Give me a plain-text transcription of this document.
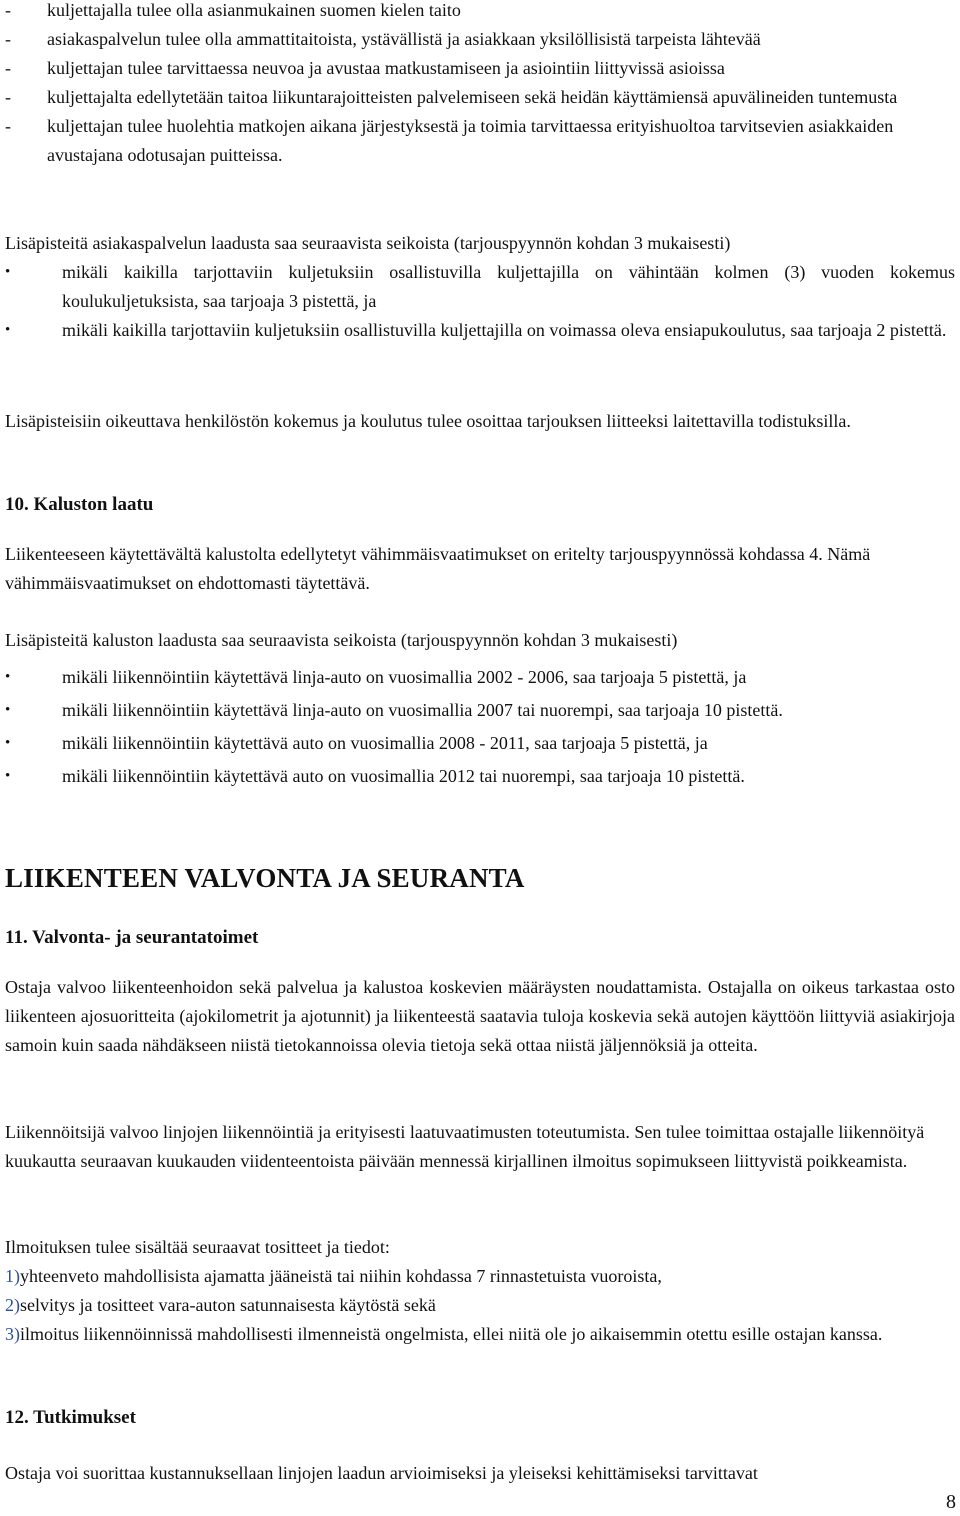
- kuljettajalla tulee olla asianmukainen suomen kielen taito
- asiakaspalvelun tulee olla ammattitaitoista, ystävällistä ja asiakkaan yksilöllisistä tarpeista lähtevää
- kuljettajan tulee tarvittaessa neuvoa ja avustaa matkustamiseen ja asiointiin liittyvissä asioissa
- kuljettajalta edellytetään taitoa liikuntarajoitteisten palvelemiseen sekä heidän käyttämiensä apuvälineiden tuntemusta
- kuljettajan tulee huolehtia matkojen aikana järjestyksestä ja toimia tarvittaessa erityishuoltoa tarvitsevien asiakkaiden avustajana odotusajan puitteissa.

Lisäpisteitä asiakaspalvelun laadusta saa seuraavista seikoista (tarjouspyynnön kohdan 3 mukaisesti)

•	mikäli kaikilla tarjottaviin kuljetuksiin osallistuvilla kuljettajilla on vähintään kolmen (3) vuoden kokemus koulukuljetuksista, saa tarjoaja 3 pistettä, ja
•	mikäli kaikilla tarjottaviin kuljetuksiin osallistuvilla kuljettajilla on voimassa oleva ensiapukoulutus, saa tarjoaja 2 pistettä.

Lisäpisteisiin oikeuttava henkilöstön kokemus ja koulutus tulee osoittaa tarjouksen liitteeksi laitettavilla todistuksilla.

10. Kaluston laatu

Liikenteeseen käytettävältä kalustolta edellytetyt vähimmäisvaatimukset on eritelty tarjouspyynnössä kohdassa 4. Nämä vähimmäisvaatimukset on ehdottomasti täytettävä.

Lisäpisteitä kaluston laadusta saa seuraavista seikoista (tarjouspyynnön kohdan 3 mukaisesti)

•	mikäli liikennöintiin käytettävä linja-auto on vuosimallia 2002 - 2006, saa tarjoaja 5 pistettä, ja
•	mikäli liikennöintiin käytettävä linja-auto on vuosimallia 2007 tai nuorempi, saa tarjoaja 10 pistettä.
•	mikäli liikennöintiin käytettävä auto on vuosimallia 2008 - 2011, saa tarjoaja 5 pistettä, ja
•	mikäli liikennöintiin käytettävä auto on vuosimallia 2012 tai nuorempi, saa tarjoaja 10 pistettä.
LIIKENTEEN VALVONTA JA SEURANTA
11. Valvonta- ja seurantatoimet

Ostaja valvoo liikenteenhoidon sekä palvelua ja kalustoa koskevien määräysten noudattamista. Ostajalla on oikeus tarkastaa osto liikenteen ajosuoritteita (ajokilometrit ja ajotunnit) ja liikenteestä saatavia tuloja koskevia sekä autojen käyttöön liittyviä asiakirjoja samoin kuin saada nähdäkseen niistä tietokannoissa olevia tietoja sekä ottaa niistä jäljennöksiä ja otteita.

Liikennöitsijä valvoo linjojen liikennöintiä ja erityisesti laatuvaatimusten toteutumista. Sen tulee toimittaa ostajalle liikennöityä kuukautta seuraavan kuukauden viidenteentoista päivään mennessä kirjallinen ilmoitus sopimukseen liittyvistä poikkeamista.

Ilmoituksen tulee sisältää seuraavat tositteet ja tiedot:

1)yhteenveto mahdollisista ajamatta jääneistä tai niihin kohdassa 7 rinnastetuista vuoroista,

2)selvitys ja tositteet vara-auton satunnaisesta käytöstä sekä

3)ilmoitus liikennöinnissä mahdollisesti ilmenneistä ongelmista, ellei niitä ole jo aikaisemmin otettu esille ostajan kanssa.

12. Tutkimukset

Ostaja voi suorittaa kustannuksellaan linjojen laadun arvioimiseksi ja yleiseksi kehittämiseksi tarvittavat

8
